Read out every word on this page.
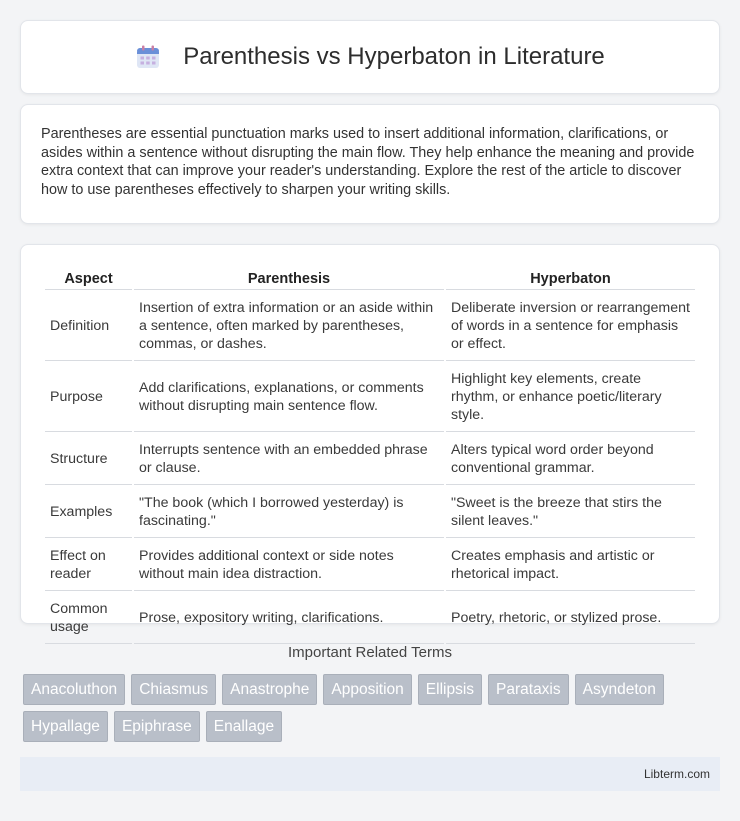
Parenthesis vs Hyperbaton in Literature

Parentheses are essential punctuation marks used to insert additional information, clarifications, or asides within a sentence without disrupting the main flow. They help enhance the meaning and provide extra context that can improve your reader's understanding. Explore the rest of the article to discover how to use parentheses effectively to sharpen your writing skills.

Aspect	Parenthesis	Hyperbaton
Definition	Insertion of extra information or an aside within a sentence, often marked by parentheses, commas, or dashes.	Deliberate inversion or rearrangement of words in a sentence for emphasis or effect.
Purpose	Add clarifications, explanations, or comments without disrupting main sentence flow.	Highlight key elements, create rhythm, or enhance poetic/literary style.
Structure	Interrupts sentence with an embedded phrase or clause.	Alters typical word order beyond conventional grammar.
Examples	"The book (which I borrowed yesterday) is fascinating."	"Sweet is the breeze that stirs the silent leaves."
Effect on reader	Provides additional context or side notes without main idea distraction.	Creates emphasis and artistic or rhetorical impact.
Common usage	Prose, expository writing, clarifications.	Poetry, rhetoric, or stylized prose.
Important Related Terms
Anacoluthon	Chiasmus	Anastrophe	Apposition	Ellipsis	Parataxis	Asyndeton
Hypallage	Epiphrase	Enallage
Libterm.com
